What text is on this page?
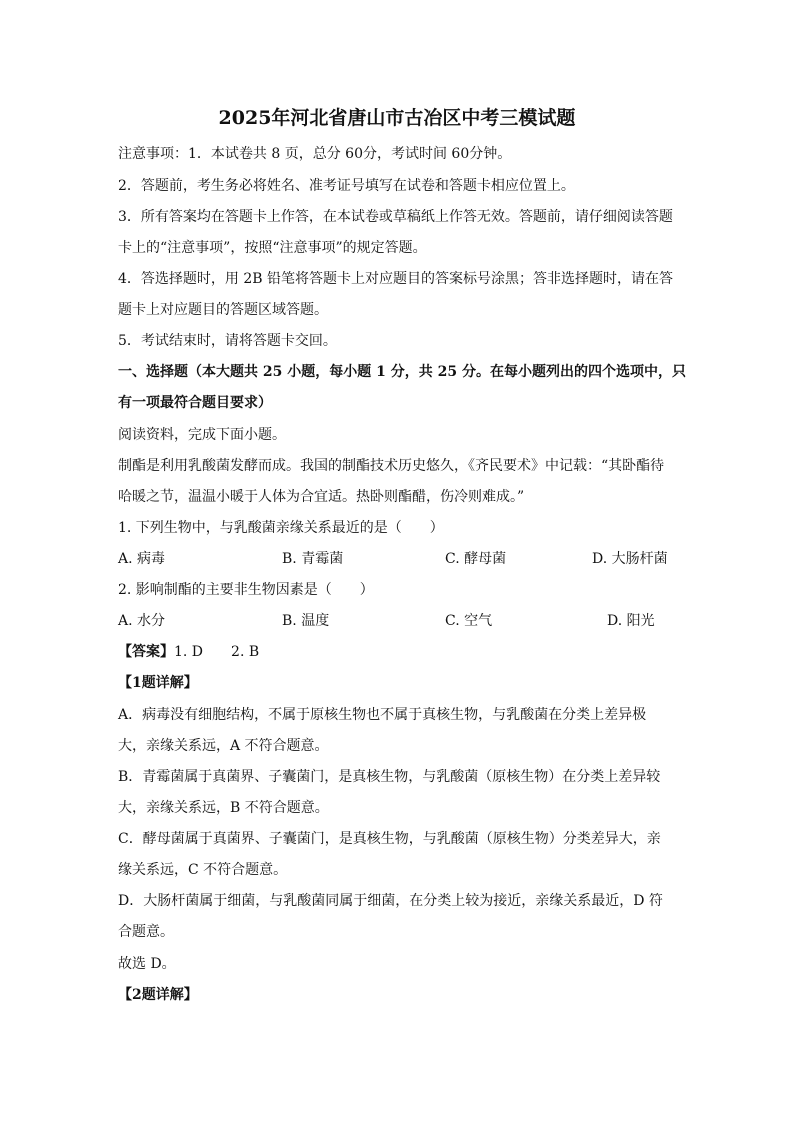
2025年河北省唐山市古冶区中考三模试题
注意事项：1．本试卷共 8 页，总分 60分，考试时间 60分钟。
2．答题前，考生务必将姓名、准考证号填写在试卷和答题卡相应位置上。
3．所有答案均在答题卡上作答，在本试卷或草稿纸上作答无效。答题前，请仔细阅读答题
卡上的“注意事项”，按照“注意事项”的规定答题。
4．答选择题时，用 2B 铅笔将答题卡上对应题目的答案标号涂黑；答非选择题时，请在答
题卡上对应题目的答题区域答题。
5．考试结束时，请将答题卡交回。
一、选择题（本大题共 25 小题，每小题 1 分，共 25 分。在每小题列出的四个选项中，只
有一项最符合题目要求）
阅读资料，完成下面小题。
制酯是利用乳酸菌发酵而成。我国的制酯技术历史悠久，《齐民要术》中记载：“其卧酯待
哈暖之节，温温小暖于人体为合宜适。热卧则酯醋，伤冷则难成。”
1. 下列生物中，与乳酸菌亲缘关系最近的是（　　）
A. 病毒	B. 青霉菌	C. 酵母菌	D. 大肠杆菌
2. 影响制酯的主要非生物因素是（　　）
A. 水分	B. 温度	C. 空气	D. 阳光
【答案】1. D　　2. B
【1题详解】
A．病毒没有细胞结构，不属于原核生物也不属于真核生物，与乳酸菌在分类上差异极
大，亲缘关系远，A 不符合题意。
B．青霉菌属于真菌界、子囊菌门，是真核生物，与乳酸菌（原核生物）在分类上差异较
大，亲缘关系远，B 不符合题意。
C．酵母菌属于真菌界、子囊菌门，是真核生物，与乳酸菌（原核生物）分类差异大，亲
缘关系远，C 不符合题意。
D．大肠杆菌属于细菌，与乳酸菌同属于细菌，在分类上较为接近，亲缘关系最近，D 符
合题意。
故选 D。
【2题详解】
